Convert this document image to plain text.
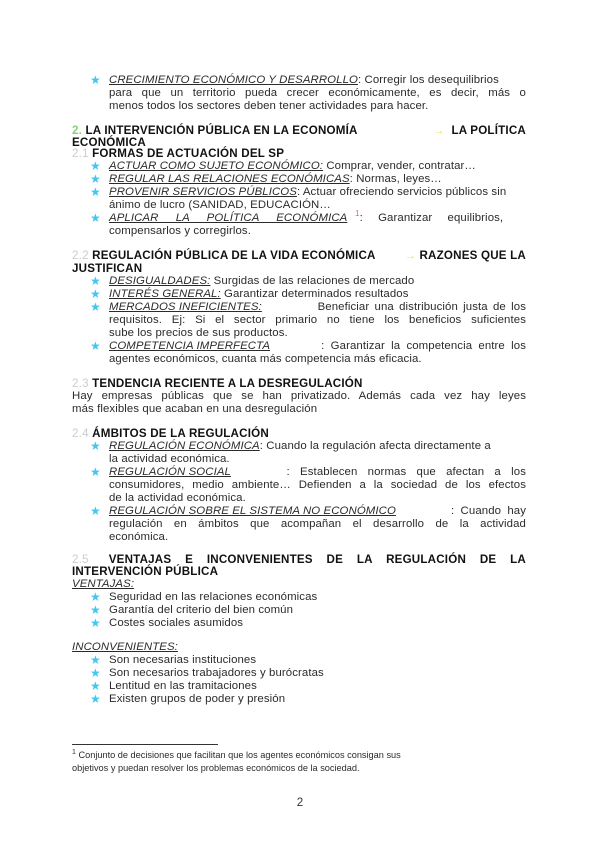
★ CRECIMIENTO ECONÓMICO Y DESARROLLO: Corregir los desequilibrios
para que un territorio pueda crecer económicamente, es decir, más o
menos todos los sectores deben tener actividades para hacer.
2. LA INTERVENCIÓN PÚBLICA EN LA ECONOMÍA	→ LA POLÍTICA
ECONÓMICA
2.1 FORMAS DE ACTUACIÓN DEL SP
★ ACTUAR COMO SUJETO ECONÓMICO: Comprar, vender, contratar…
★ REGULAR LAS RELACIONES ECONÓMICAS: Normas, leyes…
★ PROVENIR SERVICIOS PÚBLICOS: Actuar ofreciendo servicios públicos sin
ánimo de lucro (SANIDAD, EDUCACIÓN…
★ APLICAR LA POLÍTICA ECONÓMICA $^1$: Garantizar equilibrios,
compensarlos y corregirlos.
2.2 REGULACIÓN PÚBLICA DE LA VIDA ECONÓMICA → RAZONES QUE LA
JUSTIFICAN
★ DESIGUALDADES: Surgidas de las relaciones de mercado
★ INTERÉS GENERAL: Garantizar determinados resultados
★ MERCADOS INEFICIENTES:	Beneficiar una distribución justa de los
requisitos. Ej: Si el sector primario no tiene los beneficios suficientes
sube los precios de sus productos.
★ COMPETENCIA IMPERFECTA	: Garantizar la competencia entre los
agentes económicos, cuanta más competencia más eficacia.
2.3 TENDENCIA RECIENTE A LA DESREGULACIÓN
Hay empresas públicas que se han privatizado. Además cada vez hay leyes
más flexibles que acaban en una desregulación
2.4 ÁMBITOS DE LA REGULACIÓN
★ REGULACIÓN ECONÓMICA: Cuando la regulación afecta directamente a
la actividad económica.
★ REGULACIÓN SOCIAL	: Establecen normas que afectan a los
consumidores, medio ambiente… Defienden a la sociedad de los efectos
de la actividad económica.
★ REGULACIÓN SOBRE EL SISTEMA NO ECONÓMICO	: Cuando hay
regulación en ámbitos que acompañan el desarrollo de la actividad
económica.
2.5 VENTAJAS E INCONVENIENTES DE LA REGULACIÓN DE LA
INTERVENCIÓN PÚBLICA
VENTAJAS:
★ Seguridad en las relaciones económicas
★ Garantía del criterio del bien común
★ Costes sociales asumidos
INCONVENIENTES:
★ Son necesarias instituciones
★ Son necesarios trabajadores y burócratas
★ Lentitud en las tramitaciones
★ Existen grupos de poder y presión
$^1$ Conjunto de decisiones que facilitan que los agentes económicos consigan sus
objetivos y puedan resolver los problemas económicos de la sociedad.
2
